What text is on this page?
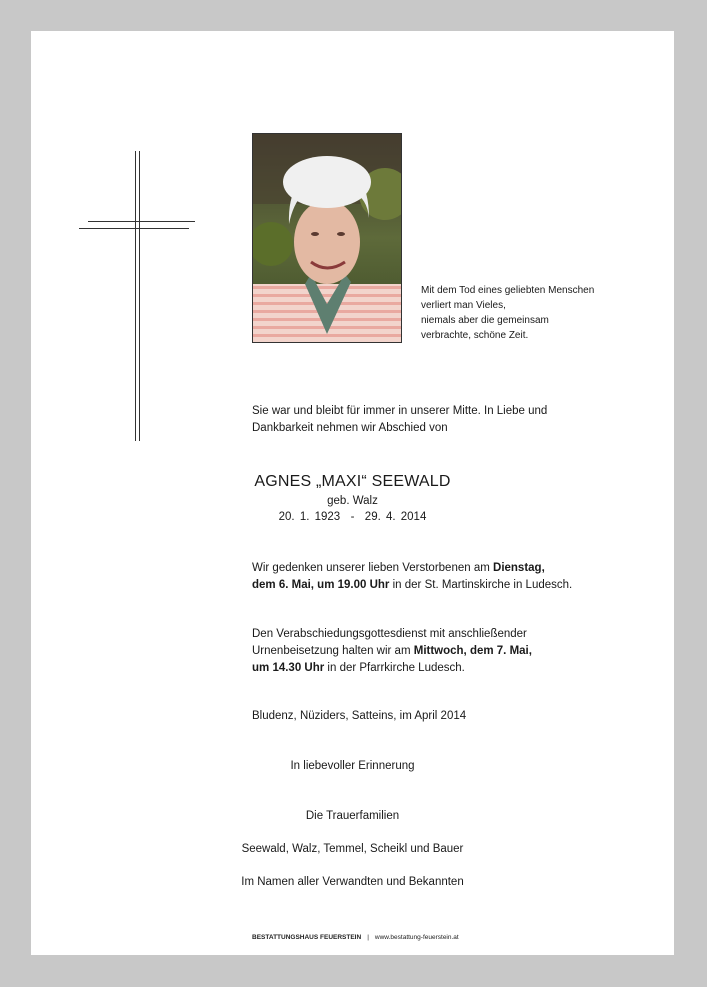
Mit dem Tod eines geliebten Menschen
verliert man Vieles,
niemals aber die gemeinsam
verbrachte, schöne Zeit.
Sie war und bleibt für immer in unserer Mitte. In Liebe und
Dankbarkeit nehmen wir Abschied von
AGNES „MAXI“ SEEWALD
geb. Walz
20. 1. 1923  -  29. 4. 2014
Wir gedenken unserer lieben Verstorbenen am Dienstag,
dem 6. Mai, um 19.00 Uhr in der St. Martinskirche in Ludesch.
Den Verabschiedungsgottesdienst mit anschließender
Urnenbeisetzung halten wir am Mittwoch, dem 7. Mai,
um 14.30 Uhr in der Pfarrkirche Ludesch.
Bludenz, Nüziders, Satteins, im April 2014
In liebevoller Erinnerung
Die Trauerfamilien
Seewald, Walz, Temmel, Scheikl und Bauer
Im Namen aller Verwandten und Bekannten
BESTATTUNGSHAUS FEUERSTEIN | www.bestattung-feuerstein.at
